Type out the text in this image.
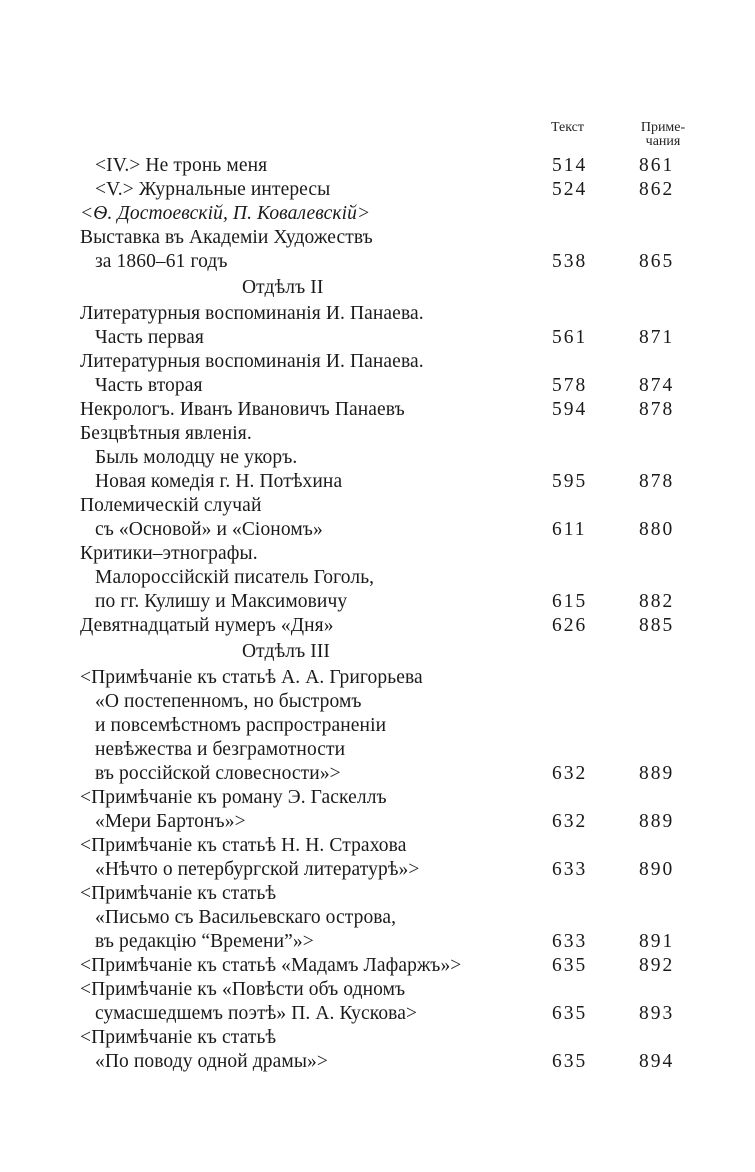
Текст	Приме-
чания
<IV.> Не тронь меня	514	861
<V.> Журнальные интересы	524	862
<Ѳ. Достоевскій, П. Ковалевскій>
Выставка въ Академіи Художествъ
за 1860–61 годъ	538	865
Отдѣлъ II
Литературныя воспоминанія И. Панаева.
Часть первая	561	871
Литературныя воспоминанія И. Панаева.
Часть вторая	578	874
Некрологъ. Иванъ Ивановичъ Панаевъ	594	878
Безцвѣтныя явленія.
Быль молодцу не укоръ.
Новая комедія г. Н. Потѣхина	595	878
Полемическій случай
съ «Основой» и «Сіономъ»	611	880
Критики–этнографы.
Малороссійскій писатель Гоголь,
по гг. Кулишу и Максимовичу	615	882
Девятнадцатый нумеръ «Дня»	626	885
Отдѣлъ III
<Примѣчаніе къ статьѣ А. А. Григорьева
«О постепенномъ, но быстромъ
и повсемѣстномъ распространеніи
невѣжества и безграмотности
въ россійской словесности»>	632	889
<Примѣчаніе къ роману Э. Гаскеллъ
«Мери Бартонъ»>	632	889
<Примѣчаніе къ статьѣ Н. Н. Страхова
«Нѣчто о петербургской литературѣ»>	633	890
<Примѣчаніе къ статьѣ
«Письмо съ Васильевскаго острова,
въ редакцію “Времени”»>	633	891
<Примѣчаніе къ статьѣ «Мадамъ Лафаржъ»>	635	892
<Примѣчаніе къ «Повѣсти объ одномъ
сумасшедшемъ поэтѣ» П. А. Кускова>	635	893
<Примѣчаніе къ статьѣ
«По поводу одной драмы»>	635	894
